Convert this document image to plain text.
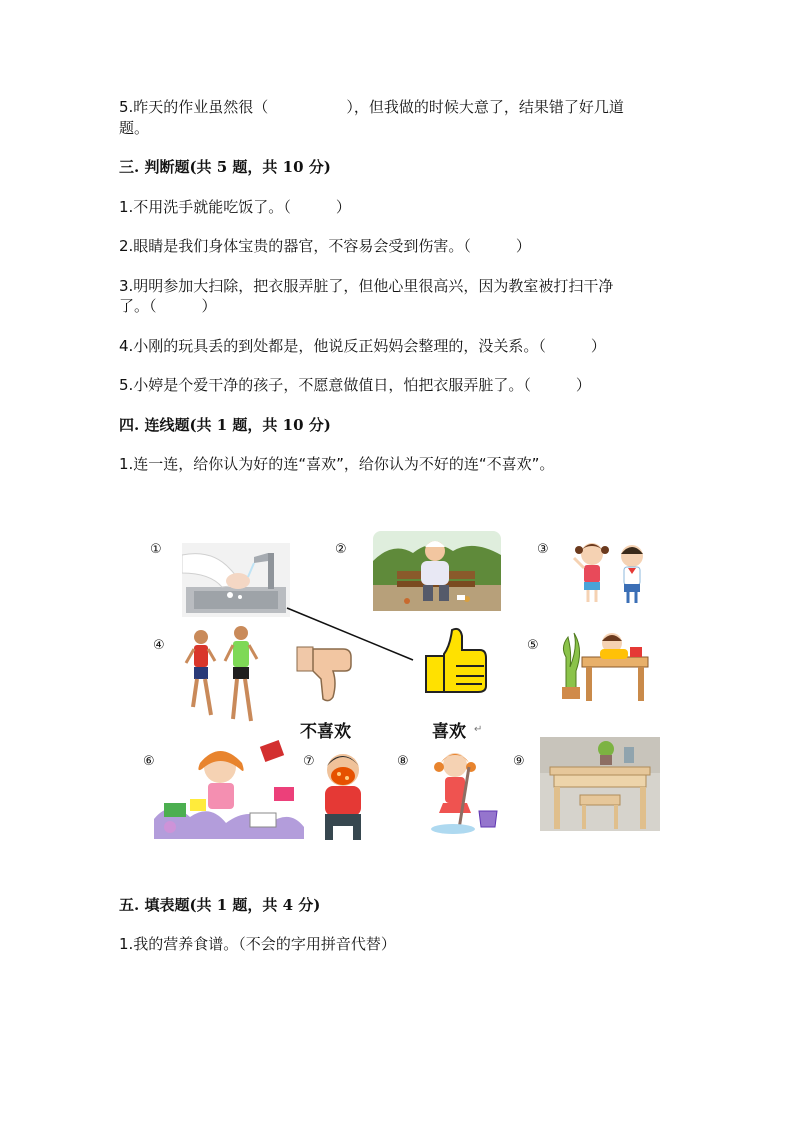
5.昨天的作业虽然很（	），但我做的时候大意了，结果错了好几道
题。
三. 判断题(共 5 题，共 10 分)
1.不用洗手就能吃饭了。（　　　）
2.眼睛是我们身体宝贵的器官，不容易会受到伤害。（　　　）
3.明明参加大扫除，把衣服弄脏了，但他心里很高兴，因为教室被打扫干净
了。（　　　）
4.小刚的玩具丢的到处都是，他说反正妈妈会整理的，没关系。（　　　）
5.小婷是个爱干净的孩子，不愿意做值日，怕把衣服弄脏了。（　　　）
四. 连线题(共 1 题，共 10 分)
1.连一连，给你认为好的连“喜欢”，给你认为不好的连“不喜欢”。
①	②	③
④	⑤
⑥	⑦	⑧	⑨
不喜欢	喜欢 ↵
五. 填表题(共 1 题，共 4 分)
1.我的营养食谱。（不会的字用拼音代替）
